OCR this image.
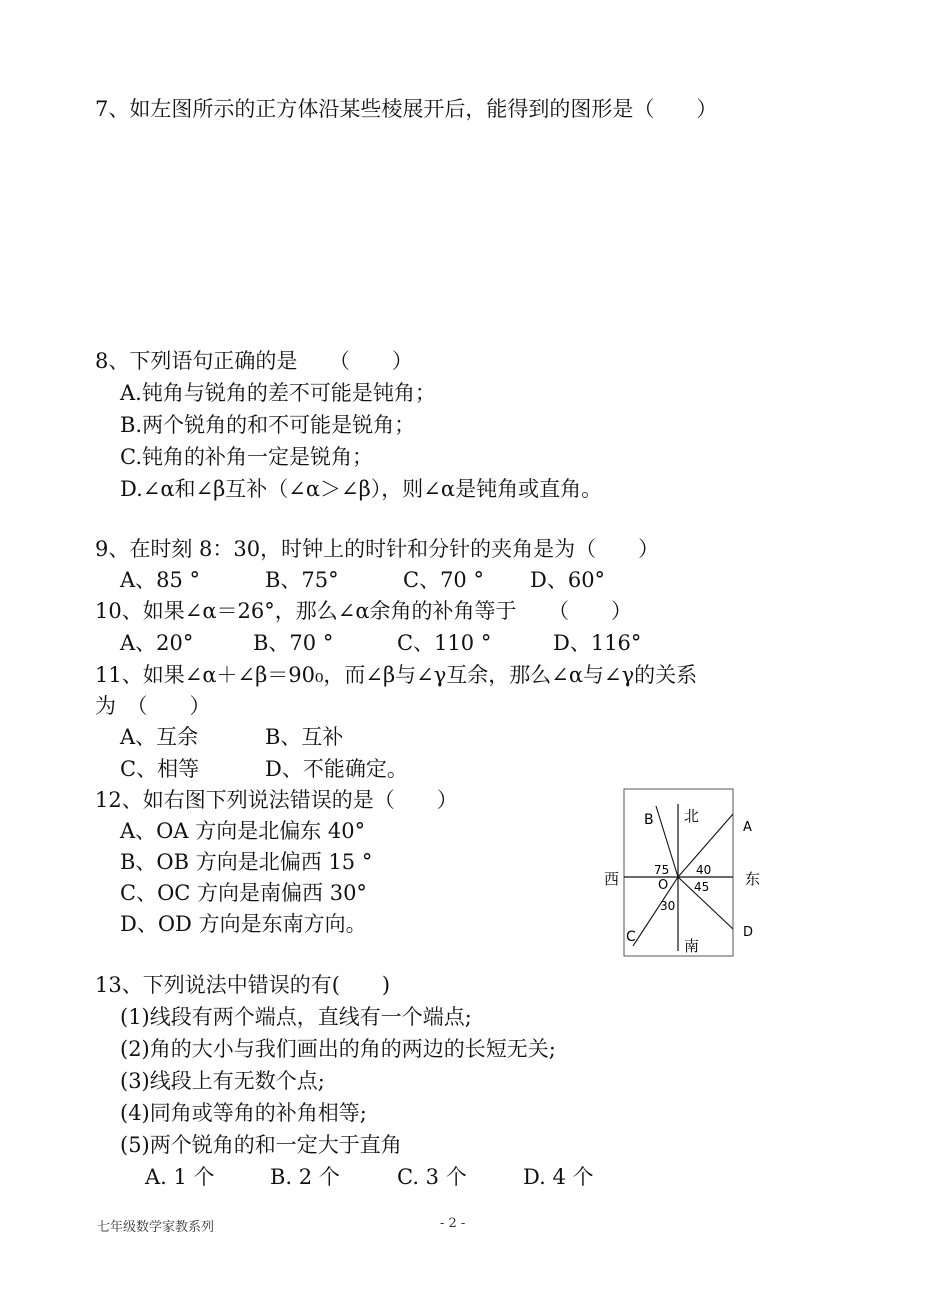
7、如左图所示的正方体沿某些棱展开后，能得到的图形是（　　）
8、下列语句正确的是　　（　　）
A.钝角与锐角的差不可能是钝角；
B.两个锐角的和不可能是锐角；
C.钝角的补角一定是锐角；
D.∠α和∠β互补（∠α＞∠β），则∠α是钝角或直角。
9、在时刻 8：30，时钟上的时针和分针的夹角是为（　　）
A、85 °	B、75°	C、70 ° D、60°
10、如果∠α＝26°，那么∠α余角的补角等于　　（　　）
A、20°	B、70 °	C、110 °	D、116°
11、如果∠α＋∠β＝90₀，而∠β与∠γ互余，那么∠α与∠γ的关系
为　（　　）
A、互余	B、互补
C、相等	D、不能确定。
12、如右图下列说法错误的是（　　）
A、OA 方向是北偏东 40°
B、OB 方向是北偏西 15 °
C、OC 方向是南偏西 30°
D、OD 方向是东南方向。
北
南
西	东
A
B
C	D
O
75 40
45
30
13、下列说法中错误的有(　　)
(1)线段有两个端点，直线有一个端点;
(2)角的大小与我们画出的角的两边的长短无关;
(3)线段上有无数个点;
(4)同角或等角的补角相等;
(5)两个锐角的和一定大于直角
A. 1 个	B. 2 个	C. 3 个	D. 4 个
七年级数学家教系列	- 2 -
